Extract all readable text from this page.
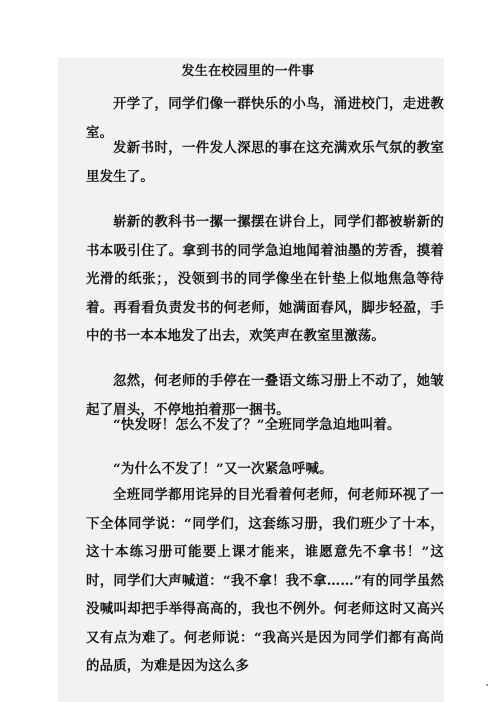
发生在校园里的一件事

开学了，同学们像一群快乐的小鸟，涌进校门，走进教室。

发新书时，一件发人深思的事在这充满欢乐气氛的教室里发生了。

崭新的教科书一摞一摞摆在讲台上，同学们都被崭新的书本吸引住了。拿到书的同学急迫地闻着油墨的芳香，摸着光滑的纸张；，没领到书的同学像坐在针垫上似地焦急等待着。再看看负责发书的何老师，她满面春风，脚步轻盈，手中的书一本本地发了出去，欢笑声在教室里激荡。

忽然，何老师的手停在一叠语文练习册上不动了，她皱起了眉头，不停地拍着那一捆书。

“快发呀！怎么不发了？”全班同学急迫地叫着。

“为什么不发了！”又一次紧急呼喊。

全班同学都用诧异的目光看着何老师，何老师环视了一下全体同学说：“同学们，这套练习册，我们班少了十本，这十本练习册可能要上课才能来，谁愿意先不拿书！”这时，同学们大声喊道：“我不拿！我不拿……”有的同学虽然没喊叫却把手举得高高的，我也不例外。何老师这时又高兴又有点为难了。何老师说：“我高兴是因为同学们都有高尚的品质，为难是因为这么多
